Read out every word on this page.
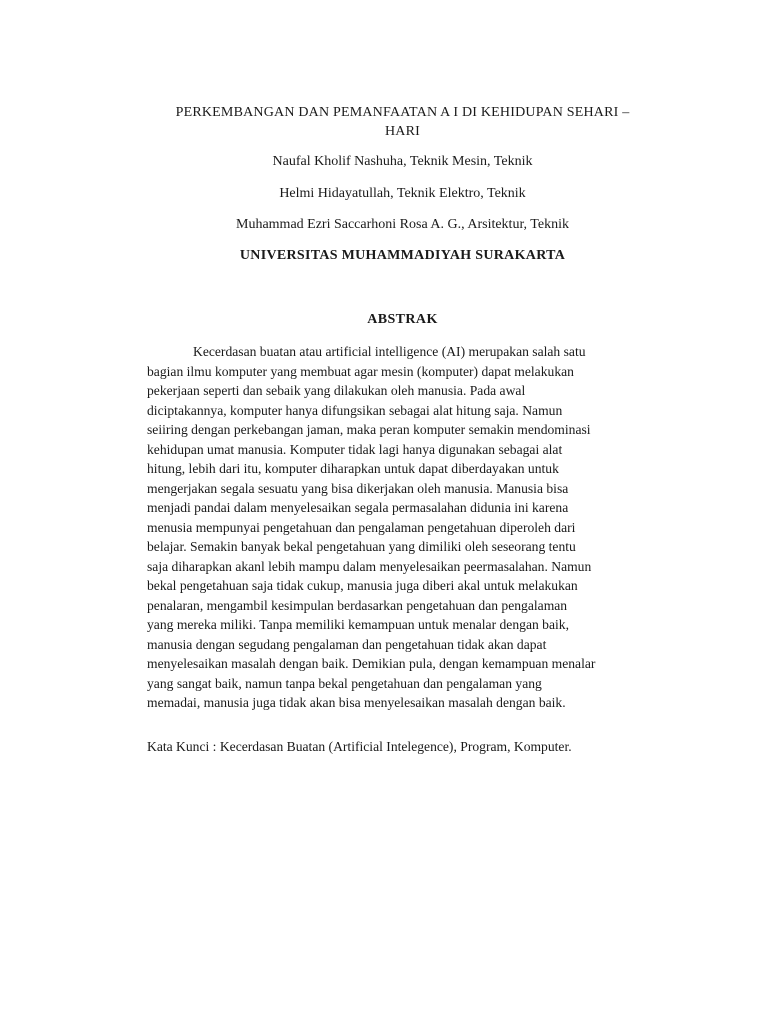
PERKEMBANGAN DAN PEMANFAATAN A I DI KEHIDUPAN SEHARI –
HARI
Naufal Kholif Nashuha, Teknik Mesin, Teknik
Helmi Hidayatullah, Teknik Elektro, Teknik
Muhammad Ezri Saccarhoni Rosa A. G., Arsitektur, Teknik
UNIVERSITAS MUHAMMADIYAH SURAKARTA
ABSTRAK
Kecerdasan buatan atau artificial intelligence (AI) merupakan salah satu
bagian ilmu komputer yang membuat agar mesin (komputer) dapat melakukan
pekerjaan seperti dan sebaik yang dilakukan oleh manusia. Pada awal
diciptakannya, komputer hanya difungsikan sebagai alat hitung saja. Namun
seiiring dengan perkebangan jaman, maka peran komputer semakin mendominasi
kehidupan umat manusia. Komputer tidak lagi hanya digunakan sebagai alat
hitung, lebih dari itu, komputer diharapkan untuk dapat diberdayakan untuk
mengerjakan segala sesuatu yang bisa dikerjakan oleh manusia. Manusia bisa
menjadi pandai dalam menyelesaikan segala permasalahan didunia ini karena
menusia mempunyai pengetahuan dan pengalaman pengetahuan diperoleh dari
belajar. Semakin banyak bekal pengetahuan yang dimiliki oleh seseorang tentu
saja diharapkan akanl lebih mampu dalam menyelesaikan peermasalahan. Namun
bekal pengetahuan saja tidak cukup, manusia juga diberi akal untuk melakukan
penalaran, mengambil kesimpulan berdasarkan pengetahuan dan pengalaman
yang mereka miliki. Tanpa memiliki kemampuan untuk menalar dengan baik,
manusia dengan segudang pengalaman dan pengetahuan tidak akan dapat
menyelesaikan masalah dengan baik. Demikian pula, dengan kemampuan menalar
yang sangat baik, namun tanpa bekal pengetahuan dan pengalaman yang
memadai, manusia juga tidak akan bisa menyelesaikan masalah dengan baik.
Kata Kunci : Kecerdasan Buatan (Artificial Intelegence), Program, Komputer.
